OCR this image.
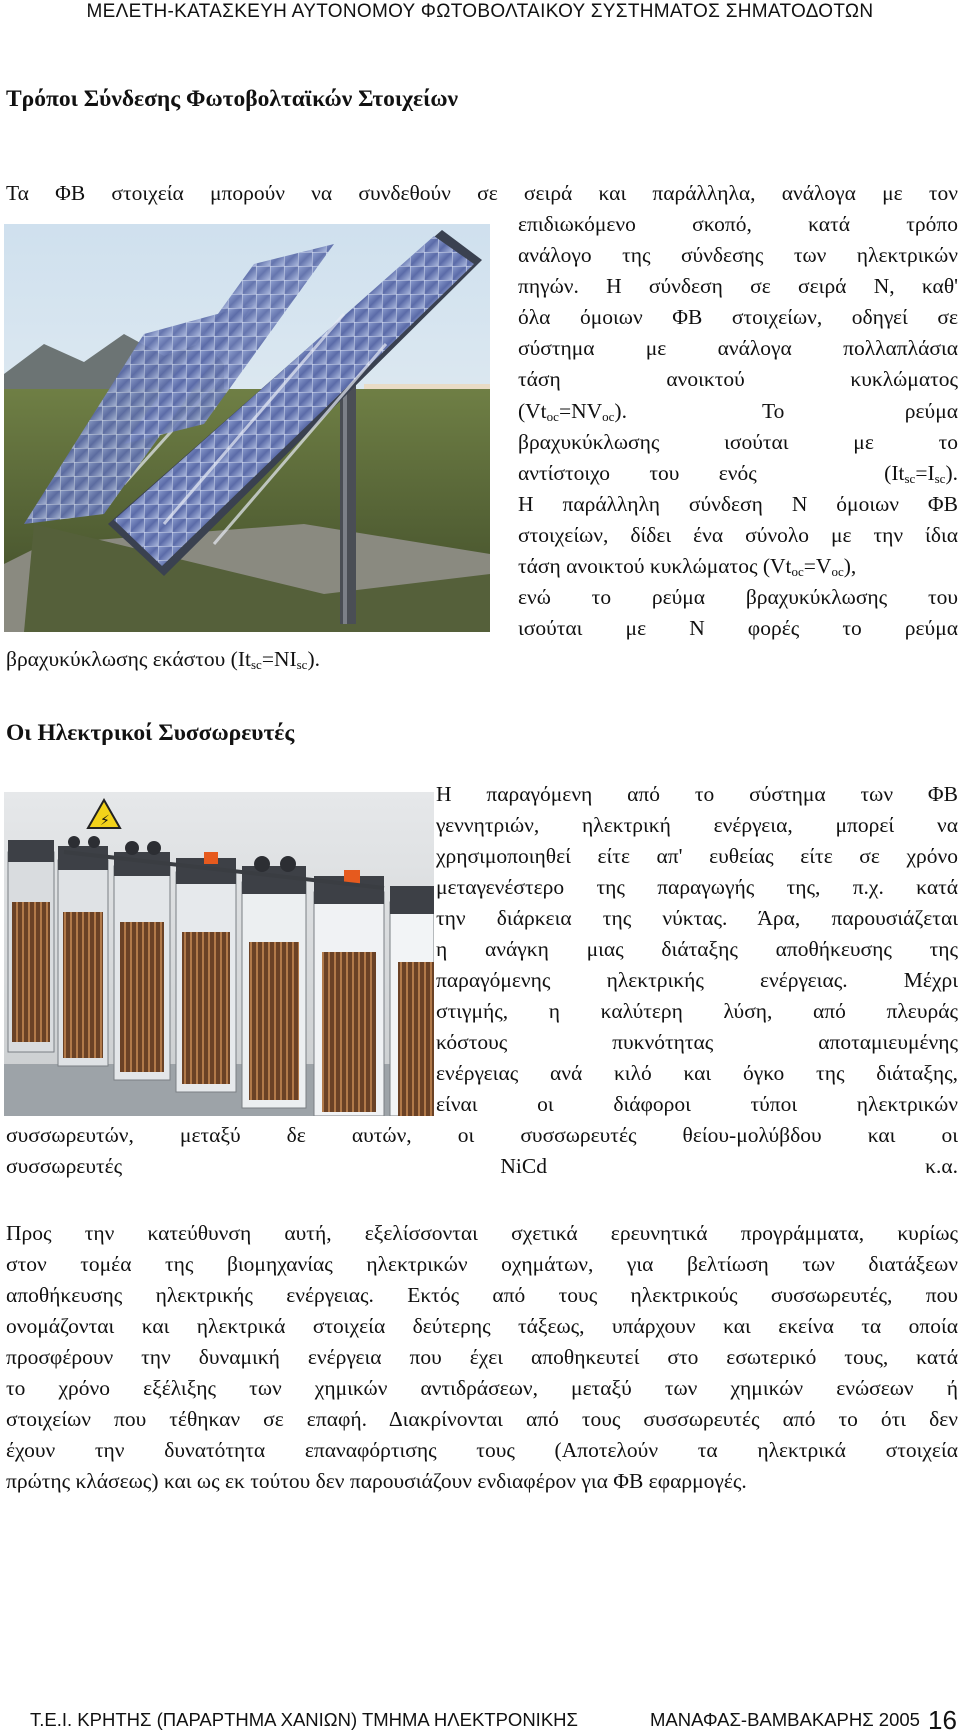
ΜΕΛΕΤΗ-ΚΑΤΑΣΚΕΥΗ ΑΥΤΟΝΟΜΟΥ ΦΩΤΟΒΟΛΤΑΙΚΟΥ ΣΥΣΤΗΜΑΤΟΣ ΣΗΜΑΤΟΔΟΤΩΝ
Τρόποι Σύνδεσης Φωτοβολταϊκών Στοιχείων
Τα ΦΒ στοιχεία μπορούν να συνδεθούν σε σειρά και παράλληλα, ανάλογα με τον
επιδιωκόμενο σκοπό, κατά τρόπο
ανάλογο της σύνδεσης των ηλεκτρικών
πηγών. Η σύνδεση σε σειρά Ν, καθ'
όλα όμοιων ΦΒ στοιχείων, οδηγεί σε
σύστημα με ανάλογα πολλαπλάσια
τάση ανοικτού κυκλώματος
$(Vt_{oc}=NV_{oc})$.	Το	ρεύμα
βραχυκύκλωσης ισούται με το
αντίστοιχο του ενός	$(It_{sc}=I_{sc})$.
Η παράλληλη σύνδεση Ν όμοιων ΦΒ
στοιχείων, δίδει ένα σύνολο με την ίδια
τάση ανοικτού κυκλώματος $(Vt_{oc}=V_{oc})$,
ενώ το ρεύμα βραχυκύκλωσης του
ισούται με Ν φορές το ρεύμα
βραχυκύκλωσης εκάστου $(It_{sc}=NI_{sc})$.
Οι Ηλεκτρικοί Συσσωρευτές
⚡
Η παραγόμενη από το σύστημα των ΦΒ
γεννητριών, ηλεκτρική ενέργεια, μπορεί να
χρησιμοποιηθεί είτε απ' ευθείας είτε σε χρόνο
μεταγενέστερο της παραγωγής της, π.χ. κατά
την διάρκεια της νύκτας. Άρα, παρουσιάζεται
η ανάγκη μιας διάταξης αποθήκευσης της
παραγόμενης ηλεκτρικής ενέργειας. Μέχρι
στιγμής, η καλύτερη λύση, από πλευράς
κόστους πυκνότητας αποταμιευμένης
ενέργειας ανά κιλό και όγκο της διάταξης,
είναι οι διάφοροι τύποι ηλεκτρικών
συσσωρευτών, μεταξύ δε αυτών, οι συσσωρευτές θείου-μολύβδου και οι
συσσωρευτές NiCd κ.α.
Προς την κατεύθυνση αυτή, εξελίσσονται σχετικά ερευνητικά προγράμματα, κυρίως
στον τομέα της βιομηχανίας ηλεκτρικών οχημάτων, για βελτίωση των διατάξεων
αποθήκευσης ηλεκτρικής ενέργειας. Εκτός από τους ηλεκτρικούς συσσωρευτές, που
ονομάζονται και ηλεκτρικά στοιχεία δεύτερης τάξεως, υπάρχουν και εκείνα τα οποία
προσφέρουν την δυναμική ενέργεια που έχει αποθηκευτεί στο εσωτερικό τους, κατά
το χρόνο εξέλιξης των χημικών αντιδράσεων, μεταξύ των χημικών ενώσεων ή
στοιχείων που τέθηκαν σε επαφή. Διακρίνονται από τους συσσωρευτές από το ότι δεν
έχουν την δυνατότητα επαναφόρτισης τους (Αποτελούν τα ηλεκτρικά στοιχεία
πρώτης κλάσεως) και ως εκ τούτου δεν παρουσιάζουν ενδιαφέρον για ΦΒ εφαρμογές.
Τ.Ε.Ι. ΚΡΗΤΗΣ (ΠΑΡΑΡΤΗΜΑ ΧΑΝΙΩΝ) ΤΜΗΜΑ ΗΛΕΚΤΡΟΝΙΚΗΣ	ΜΑΝΑΦΑΣ-ΒΑΜΒΑΚΑΡΗΣ 2005 16
